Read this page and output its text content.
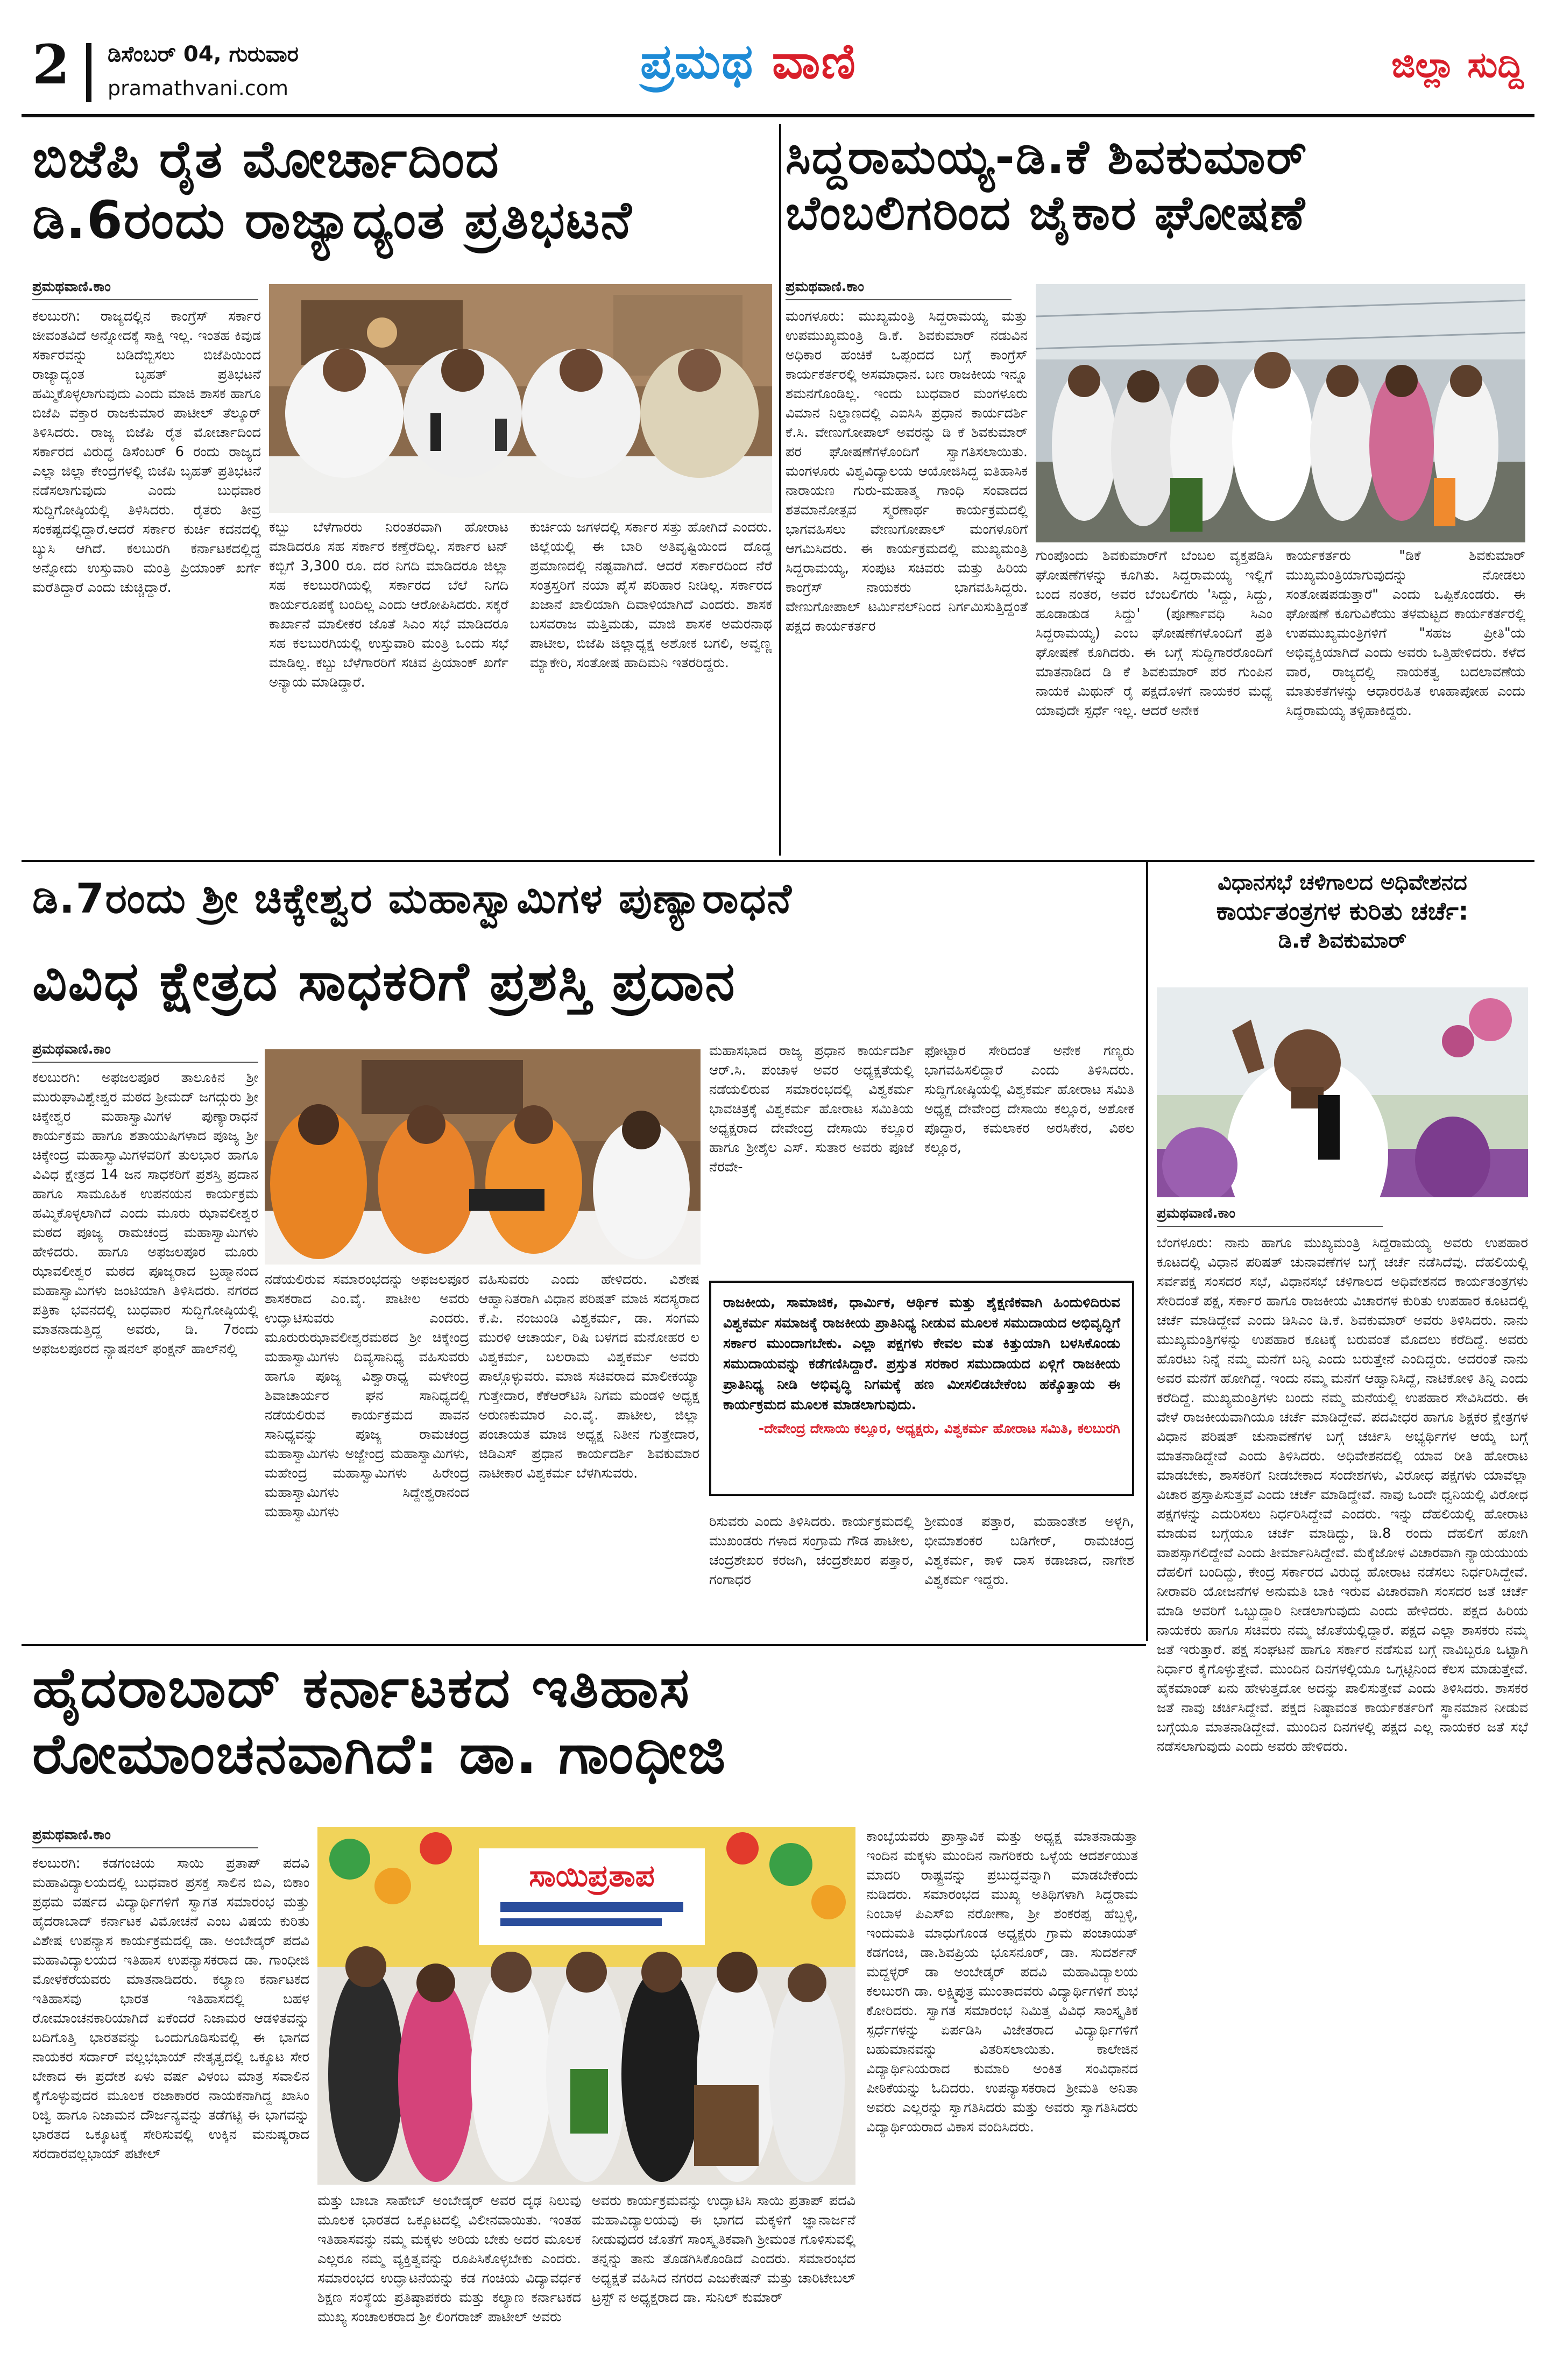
2 ಡಿಸೆಂಬರ್ 04, ಗುರುವಾರ
pramathvani.com	ಪ್ರಮಥ ವಾಣಿ	ಜಿಲ್ಲಾ ಸುದ್ದಿ
ಬಿಜೆಪಿ ರೈತ ಮೋರ್ಚಾದಿಂದ
ಡಿ.6ರಂದು ರಾಜ್ಯಾದ್ಯಂತ ಪ್ರತಿಭಟನೆ
ಪ್ರಮಥವಾಣಿ.ಕಾಂ
ಕಲಬುರಗಿ: ರಾಜ್ಯದಲ್ಲಿನ ಕಾಂಗ್ರೆಸ್ ಸರ್ಕಾರ ಜೀವಂತವಿದೆ ಅನ್ನೋದಕ್ಕೆ ಸಾಕ್ಷಿ ಇಲ್ಲ. ಇಂತಹ ಕಿವುಡ ಸರ್ಕಾರವನ್ನು ಬಡಿದೆಬ್ಬಿಸಲು ಬಿಜೆಪಿಯಿಂದ ರಾಜ್ಯಾದ್ಯಂತ ಬೃಹತ್ ಪ್ರತಿಭಟನೆ ಹಮ್ಮಿಕೊಳ್ಳಲಾಗುವುದು ಎಂದು ಮಾಜಿ ಶಾಸಕ ಹಾಗೂ ಬಿಜೆಪಿ ವಕ್ತಾರ ರಾಜಕುಮಾರ ಪಾಟೀಲ್ ತೆಲ್ಕೂರ್ ತಿಳಿಸಿದರು. ರಾಜ್ಯ ಬಿಜೆಪಿ ರೈತ ಮೋರ್ಚಾದಿಂದ ಸರ್ಕಾರದ ವಿರುದ್ಧ ಡಿಸೆಂಬರ್ 6 ರಂದು ರಾಜ್ಯದ ಎಲ್ಲಾ ಜಿಲ್ಲಾ ಕೇಂದ್ರಗಳಲ್ಲಿ ಬಿಜೆಪಿ ಬೃಹತ್ ಪ್ರತಿಭಟನೆ ನಡೆಸಲಾಗುವುದು ಎಂದು ಬುಧವಾರ ಸುದ್ದಿಗೋಷ್ಠಿಯಲ್ಲಿ ತಿಳಿಸಿದರು. ರೈತರು ತೀವ್ರ ಸಂಕಷ್ಟದಲ್ಲಿದ್ದಾರೆ.ಆದರೆ ಸರ್ಕಾರ ಕುರ್ಚಿ ಕದನದಲ್ಲಿ ಬ್ಯುಸಿ ಆಗಿದೆ. ಕಲಬುರಗಿ ಕರ್ನಾಟಕದಲ್ಲಿದ್ದ ಅನ್ನೋದು ಉಸ್ತುವಾರಿ ಮಂತ್ರಿ ಪ್ರಿಯಾಂಕ್ ಖರ್ಗೆ ಮರೆತಿದ್ದಾರೆ ಎಂದು ಚುಚ್ಚಿದ್ದಾರೆ.
ಕಬ್ಬು ಬೆಳೆಗಾರರು ನಿರಂತರವಾಗಿ ಹೋರಾಟ ಮಾಡಿದರೂ ಸಹ ಸರ್ಕಾರ ಕಣ್ತೆರೆದಿಲ್ಲ. ಸರ್ಕಾರ ಟನ್ ಕಬ್ಬಿಗೆ 3,300 ರೂ. ದರ ನಿಗದಿ ಮಾಡಿದರೂ ಜಿಲ್ಲಾ ಸಹ ಕಲಬುರಗಿಯಲ್ಲಿ ಸರ್ಕಾರದ ಬೆಲೆ ನಿಗದಿ ಕಾರ್ಯರೂಪಕ್ಕೆ ಬಂದಿಲ್ಲ ಎಂದು ಆರೋಪಿಸಿದರು. ಸಕ್ಕರೆ ಕಾರ್ಖಾನೆ ಮಾಲೀಕರ ಜೊತೆ ಸಿಎಂ ಸಭೆ ಮಾಡಿದರೂ ಸಹ ಕಲಬುರಗಿಯಲ್ಲಿ ಉಸ್ತುವಾರಿ ಮಂತ್ರಿ ಒಂದು ಸಭೆ ಮಾಡಿಲ್ಲ. ಕಬ್ಬು ಬೆಳೆಗಾರರಿಗೆ ಸಚಿವ ಪ್ರಿಯಾಂಕ್ ಖರ್ಗೆ ಅನ್ಯಾಯ ಮಾಡಿದ್ದಾರೆ.
ಕುರ್ಚಿಯ ಜಗಳದಲ್ಲಿ ಸರ್ಕಾರ ಸತ್ತು ಹೋಗಿದೆ ಎಂದರು. ಜಿಲ್ಲೆಯಲ್ಲಿ ಈ ಬಾರಿ ಅತಿವೃಷ್ಟಿಯಿಂದ ದೊಡ್ಡ ಪ್ರಮಾಣದಲ್ಲಿ ನಷ್ಟವಾಗಿದೆ. ಆದರೆ ಸರ್ಕಾರದಿಂದ ನೆರೆ ಸಂತ್ರಸ್ತರಿಗೆ ನಯಾ ಪೈಸೆ ಪರಿಹಾರ ನೀಡಿಲ್ಲ. ಸರ್ಕಾರದ ಖಜಾನೆ ಖಾಲಿಯಾಗಿ ದಿವಾಳಿಯಾಗಿದೆ ಎಂದರು. ಶಾಸಕ ಬಸವರಾಜ ಮತ್ತಿಮಡು, ಮಾಜಿ ಶಾಸಕ ಅಮರನಾಥ ಪಾಟೀಲ, ಬಿಜೆಪಿ ಜಿಲ್ಲಾಧ್ಯಕ್ಷ ಅಶೋಕ ಬಗಲಿ, ಅವ್ವಣ್ಣ ಮ್ಯಾಕೇರಿ, ಸಂತೋಷ ಹಾದಿಮನಿ ಇತರರಿದ್ದರು.
ಸಿದ್ದರಾಮಯ್ಯ-ಡಿ.ಕೆ ಶಿವಕುಮಾರ್
ಬೆಂಬಲಿಗರಿಂದ ಜೈಕಾರ ಘೋಷಣೆ
ಪ್ರಮಥವಾಣಿ.ಕಾಂ
ಮಂಗಳೂರು: ಮುಖ್ಯಮಂತ್ರಿ ಸಿದ್ದರಾಮಯ್ಯ ಮತ್ತು ಉಪಮುಖ್ಯಮಂತ್ರಿ ಡಿ.ಕೆ. ಶಿವಕುಮಾರ್ ನಡುವಿನ ಅಧಿಕಾರ ಹಂಚಿಕೆ ಒಪ್ಪಂದದ ಬಗ್ಗೆ ಕಾಂಗ್ರೆಸ್ ಕಾರ್ಯಕರ್ತರಲ್ಲಿ ಅಸಮಾಧಾನ. ಬಣ ರಾಜಕೀಯ ಇನ್ನೂ ಶಮನಗೊಂಡಿಲ್ಲ. ಇಂದು ಬುಧವಾರ ಮಂಗಳೂರು ವಿಮಾನ ನಿಲ್ದಾಣದಲ್ಲಿ ಎಐಸಿಸಿ ಪ್ರಧಾನ ಕಾರ್ಯದರ್ಶಿ ಕೆ.ಸಿ. ವೇಣುಗೋಪಾಲ್ ಅವರನ್ನು ಡಿ ಕೆ ಶಿವಕುಮಾರ್ ಪರ ಘೋಷಣೆಗಳೊಂದಿಗೆ ಸ್ವಾಗತಿಸಲಾಯಿತು. ಮಂಗಳೂರು ವಿಶ್ವವಿದ್ಯಾಲಯ ಆಯೋಜಿಸಿದ್ದ ಐತಿಹಾಸಿಕ ನಾರಾಯಣ ಗುರು-ಮಹಾತ್ಮ ಗಾಂಧಿ ಸಂವಾದದ ಶತಮಾನೋತ್ಸವ ಸ್ಮರಣಾರ್ಥ ಕಾರ್ಯಕ್ರಮದಲ್ಲಿ ಭಾಗವಹಿಸಲು ವೇಣುಗೋಪಾಲ್ ಮಂಗಳೂರಿಗೆ ಆಗಮಿಸಿದರು. ಈ ಕಾರ್ಯಕ್ರಮದಲ್ಲಿ ಮುಖ್ಯಮಂತ್ರಿ ಸಿದ್ದರಾಮಯ್ಯ, ಸಂಪುಟ ಸಚಿವರು ಮತ್ತು ಹಿರಿಯ ಕಾಂಗ್ರೆಸ್ ನಾಯಕರು ಭಾಗವಹಿಸಿದ್ದರು. ವೇಣುಗೋಪಾಲ್ ಟರ್ಮಿನಲ್‌ನಿಂದ ನಿರ್ಗಮಿಸುತ್ತಿದ್ದಂತೆ ಪಕ್ಷದ ಕಾರ್ಯಕರ್ತರ
ಗುಂಪೊಂದು ಶಿವಕುಮಾರ್‌ಗೆ ಬೆಂಬಲ ವ್ಯಕ್ತಪಡಿಸಿ ಘೋಷಣೆಗಳನ್ನು ಕೂಗಿತು. ಸಿದ್ದರಾಮಯ್ಯ ಇಲ್ಲಿಗೆ ಬಂದ ನಂತರ, ಅವರ ಬೆಂಬಲಿಗರು 'ಸಿದ್ದು, ಸಿದ್ದು, ಹೂಡಾಡುಡ ಸಿದ್ದು' (ಪೂರ್ಣಾವಧಿ ಸಿಎಂ ಸಿದ್ದರಾಮಯ್ಯ) ಎಂಬ ಘೋಷಣೆಗಳೊಂದಿಗೆ ಪ್ರತಿ ಘೋಷಣೆ ಕೂಗಿದರು. ಈ ಬಗ್ಗೆ ಸುದ್ದಿಗಾರರೊಂದಿಗೆ ಮಾತನಾಡಿದ ಡಿ ಕೆ ಶಿವಕುಮಾರ್ ಪರ ಗುಂಪಿನ ನಾಯಕ ಮಿಥುನ್ ರೈ ಪಕ್ಷದೊಳಗೆ ನಾಯಕರ ಮಧ್ಯೆ ಯಾವುದೇ ಸ್ಪರ್ಧೆ ಇಲ್ಲ. ಆದರೆ ಅನೇಕ
ಕಾರ್ಯಕರ್ತರು "ಡಿಕೆ ಶಿವಕುಮಾರ್ ಮುಖ್ಯಮಂತ್ರಿಯಾಗುವುದನ್ನು ನೋಡಲು ಸಂತೋಷಪಡುತ್ತಾರೆ" ಎಂದು ಒಪ್ಪಿಕೊಂಡರು. ಈ ಘೋಷಣೆ ಕೂಗುವಿಕೆಯು ತಳಮಟ್ಟದ ಕಾರ್ಯಕರ್ತರಲ್ಲಿ ಉಪಮುಖ್ಯಮಂತ್ರಿಗಳಿಗೆ "ಸಹಜ ಪ್ರೀತಿ"ಯ ಅಭಿವ್ಯಕ್ತಿಯಾಗಿದೆ ಎಂದು ಅವರು ಒತ್ತಿಹೇಳಿದರು. ಕಳೆದ ವಾರ, ರಾಜ್ಯದಲ್ಲಿ ನಾಯಕತ್ವ ಬದಲಾವಣೆಯ ಮಾತುಕತೆಗಳನ್ನು ಆಧಾರರಹಿತ ಊಹಾಪೋಹ ಎಂದು ಸಿದ್ದರಾಮಯ್ಯ ತಳ್ಳಿಹಾಕಿದ್ದರು.
ಡಿ.7ರಂದು ಶ್ರೀ ಚಿಕ್ಕೇಶ್ವರ ಮಹಾಸ್ವಾಮಿಗಳ ಪುಣ್ಯಾರಾಧನೆ
ವಿವಿಧ ಕ್ಷೇತ್ರದ ಸಾಧಕರಿಗೆ ಪ್ರಶಸ್ತಿ ಪ್ರದಾನ
ಪ್ರಮಥವಾಣಿ.ಕಾಂ
ಕಲಬುರಗಿ: ಅಫಜಲಪೂರ ತಾಲೂಕಿನ ಶ್ರೀ ಮುರುಘಾವಿಶ್ವೇಶ್ವರ ಮಠದ ಶ್ರೀಮದ್ ಜಗದ್ಗುರು ಶ್ರೀ ಚಿಕ್ಕೇಶ್ವರ ಮಹಾಸ್ವಾಮಿಗಳ ಪುಣ್ಯಾರಾಧನೆ ಕಾರ್ಯಕ್ರಮ ಹಾಗೂ ಶತಾಯುಷಿಗಳಾದ ಪೂಜ್ಯ ಶ್ರೀ ಚಿಕ್ಕೇಂದ್ರ ಮಹಾಸ್ವಾಮಿಗಳವರಿಗೆ ತುಲಭಾರ ಹಾಗೂ ವಿವಿಧ ಕ್ಷೇತ್ರದ 14 ಜನ ಸಾಧಕರಿಗೆ ಪ್ರಶಸ್ತಿ ಪ್ರದಾನ ಹಾಗೂ ಸಾಮೂಹಿಕ ಉಪನಯನ ಕಾರ್ಯಕ್ರಮ ಹಮ್ಮಿಕೊಳ್ಳಲಾಗಿದೆ ಎಂದು ಮೂರು ಝಾವಲೀಶ್ವರ ಮಠದ ಪೂಜ್ಯ ರಾಮಚಂದ್ರ ಮಹಾಸ್ವಾಮಿಗಳು ಹೇಳಿದರು. ಹಾಗೂ ಅಫಜಲಪೂರ ಮೂರು ಝಾವಲೀಶ್ವರ ಮಠದ ಪೂಜ್ಯರಾದ ಬ್ರಹ್ಮಾನಂದ ಮಹಾಸ್ವಾಮಿಗಳು ಜಂಟಿಯಾಗಿ ತಿಳಿಸಿದರು. ನಗರದ ಪತ್ರಿಕಾ ಭವನದಲ್ಲಿ ಬುಧವಾರ ಸುದ್ದಿಗೋಷ್ಠಿಯಲ್ಲಿ ಮಾತನಾಡುತ್ತಿದ್ದ ಅವರು, ಡಿ. 7ರಂದು ಅಫಜಲಪೂರದ ನ್ಯಾಷನಲ್ ಫಂಕ್ಷನ್ ಹಾಲ್‌ನಲ್ಲಿ
ನಡೆಯಲಿರುವ ಸಮಾರಂಭದನ್ನು ಅಫಜಲಪೂರ ಶಾಸಕರಾದ ಎಂ.ವೈ. ಪಾಟೀಲ ಅವರು ಉದ್ಘಾಟಿಸುವರು ಎಂದರು. ಮೂರುರುಝಾವಲೀಶ್ವರಮಠದ ಶ್ರೀ ಚಿಕ್ಕೇಂದ್ರ ಮಹಾಸ್ವಾಮಿಗಳು ದಿವ್ಯಸಾನಿಧ್ಯ ವಹಿಸುವರು ಹಾಗೂ ಪೂಜ್ಯ ವಿಶ್ವಾರಾಧ್ಯ ಮಳೇಂದ್ರ ಶಿವಾಚಾರ್ಯರ ಘನ ಸಾನಿಧ್ಯದಲ್ಲಿ ನಡೆಯಲಿರುವ ಕಾರ್ಯಕ್ರಮದ ಪಾವನ ಸಾನಿಧ್ಯವನ್ನು ಪೂಜ್ಯ ರಾಮಚಂದ್ರ ಮಹಾಸ್ವಾಮಿಗಳು ಅಜ್ಜೇಂದ್ರ ಮಹಾಸ್ವಾಮಿಗಳು, ಮಹೇಂದ್ರ ಮಹಾಸ್ವಾಮಿಗಳು ಹಿರೇಂದ್ರ ಮಹಾಸ್ವಾಮಿಗಳು ಸಿದ್ದೇಶ್ವರಾನಂದ ಮಹಾಸ್ವಾಮಿಗಳು
ವಹಿಸುವರು ಎಂದು ಹೇಳಿದರು. ವಿಶೇಷ ಆಹ್ವಾನಿತರಾಗಿ ವಿಧಾನ ಪರಿಷತ್ ಮಾಜಿ ಸದಸ್ಯರಾದ ಕೆ.ಪಿ. ನಂಜುಂಡಿ ವಿಶ್ವಕರ್ಮ, ಡಾ. ಸಂಗಮ ಮುರಳಿ ಆಚಾರ್ಯ, ರಿಷಿ ಬಳಗದ ಮನೋಹರ ಲ ವಿಶ್ವಕರ್ಮ, ಬಲರಾಮ ವಿಶ್ವಕರ್ಮ ಅವರು ಪಾಲ್ಗೊಳ್ಳುವರು. ಮಾಜಿ ಸಚಿವರಾದ ಮಾಲೀಕಯ್ಯಾ ಗುತ್ತೇದಾರ, ಕೆಕೆಆರ್‌ಟಿಸಿ ನಿಗಮ ಮಂಡಳಿ ಅಧ್ಯಕ್ಷ ಅರುಣಕುಮಾರ ಎಂ.ವೈ. ಪಾಟೀಲ, ಜಿಲ್ಲಾ ಪಂಚಾಯತ ಮಾಜಿ ಅಧ್ಯಕ್ಷ ನಿತೀನ ಗುತ್ತೇದಾರ, ಜಿಡಿಎಸ್ ಪ್ರಧಾನ ಕಾರ್ಯದರ್ಶಿ ಶಿವಕುಮಾರ ನಾಟೀಕಾರ ವಿಶ್ವಕರ್ಮ ಬೆಳಗಿಸುವರು.
ಮಹಾಸಭಾದ ರಾಜ್ಯ ಪ್ರಧಾನ ಕಾರ್ಯದರ್ಶಿ ಆರ್.ಸಿ. ಪಂಚಾಳ ಅವರ ಅಧ್ಯಕ್ಷತೆಯಲ್ಲಿ ನಡೆಯಲಿರುವ ಸಮಾರಂಭದಲ್ಲಿ ವಿಶ್ವಕರ್ಮ ಭಾವಚಿತ್ರಕ್ಕೆ ವಿಶ್ವಕರ್ಮ ಹೋರಾಟ ಸಮಿತಿಯ ಅಧ್ಯಕ್ಷರಾದ ದೇವೇಂದ್ರ ದೇಸಾಯಿ ಕಲ್ಲೂರ ಹಾಗೂ ಶ್ರೀಶೈಲ ಎಸ್. ಸುತಾರ ಅವರು ಪೂಜೆ ನೆರವೇ-
ಫೋಟ್ಟಾರ ಸೇರಿದಂತೆ ಅನೇಕ ಗಣ್ಯರು ಭಾಗವಹಿಸಲಿದ್ದಾರೆ ಎಂದು ತಿಳಿಸಿದರು. ಸುದ್ದಿಗೋಷ್ಠಿಯಲ್ಲಿ ವಿಶ್ವಕರ್ಮ ಹೋರಾಟ ಸಮಿತಿ ಅಧ್ಯಕ್ಷ ದೇವೇಂದ್ರ ದೇಸಾಯಿ ಕಲ್ಲೂರ, ಅಶೋಕ ಪೊದ್ದಾರ, ಕಮಲಾಕರ ಅರಸಿಕೇರ, ವಿಠಲ ಕಲ್ಲೂರ,
ರಾಜಕೀಯ, ಸಾಮಾಜಿಕ, ಧಾರ್ಮಿಕ, ಆರ್ಥಿಕ ಮತ್ತು ಶೈಕ್ಷಣಿಕವಾಗಿ ಹಿಂದುಳಿದಿರುವ ವಿಶ್ವಕರ್ಮ ಸಮಾಜಕ್ಕೆ ರಾಜಕೀಯ ಪ್ರಾತಿನಿಧ್ಯ ನೀಡುವ ಮೂಲಕ ಸಮುದಾಯದ ಅಭಿವೃದ್ಧಿಗೆ ಸರ್ಕಾರ ಮುಂದಾಗಬೇಕು. ಎಲ್ಲಾ ಪಕ್ಷಗಳು ಕೇವಲ ಮತ ಕಿತ್ತುಯಾಗಿ ಬಳಸಿಕೊಂಡು ಸಮುದಾಯವನ್ನು ಕಡೆಗಣಿಸಿದ್ದಾರೆ. ಪ್ರಸ್ತುತ ಸರಕಾರ ಸಮುದಾಯದ ಏಳ್ಗಿಗೆ ರಾಜಕೀಯ ಪ್ರಾತಿನಿಧ್ಯ ನೀಡಿ ಅಭಿವೃದ್ಧಿ ನಿಗಮಕ್ಕೆ ಹಣ ಮೀಸಲಿಡಬೇಕೆಂಬ ಹಕ್ಕೊತ್ತಾಯ ಈ ಕಾರ್ಯಕ್ರಮದ ಮೂಲಕ ಮಾಡಲಾಗುವುದು.
-ದೇವೇಂದ್ರ ದೇಸಾಯಿ ಕಲ್ಲೂರ, ಅಧ್ಯಕ್ಷರು, ವಿಶ್ವಕರ್ಮ ಹೋರಾಟ ಸಮಿತಿ, ಕಲಬುರಗಿ
ರಿಸುವರು ಎಂದು ತಿಳಿಸಿದರು. ಕಾರ್ಯಕ್ರಮದಲ್ಲಿ ಮುಖಂಡರು ಗಳಾದ ಸಂಗ್ರಾಮ ಗೌಡ ಪಾಟೀಲ, ಚಂದ್ರಶೇಖರ ಕರಜಗಿ, ಚಂದ್ರಶೇಖರ ಪತ್ತಾರ, ಗಂಗಾಧರ
ಶ್ರೀಮಂತ ಪತ್ತಾರ, ಮಹಾಂತೇಶ ಅಳ್ಳಗಿ, ಭೀಮಾಶಂಕರ ಬಡಿಗೇರ್, ರಾಮಚಂದ್ರ ವಿಶ್ವಕರ್ಮ, ಕಾಳಿ ದಾಸ ಕಡಾಜಾದ, ನಾಗೇಶ ವಿಶ್ವಕರ್ಮ ಇದ್ದರು.
ವಿಧಾನಸಭೆ ಚಳಿಗಾಲದ ಅಧಿವೇಶನದ
ಕಾರ್ಯತಂತ್ರಗಳ ಕುರಿತು ಚರ್ಚೆ:
ಡಿ.ಕೆ ಶಿವಕುಮಾರ್
ಪ್ರಮಥವಾಣಿ.ಕಾಂ
ಬೆಂಗಳೂರು: ನಾನು ಹಾಗೂ ಮುಖ್ಯಮಂತ್ರಿ ಸಿದ್ದರಾಮಯ್ಯ ಅವರು ಉಪಹಾರ ಕೂಟದಲ್ಲಿ ವಿಧಾನ ಪರಿಷತ್ ಚುನಾವಣೆಗಳ ಬಗ್ಗೆ ಚರ್ಚೆ ನಡೆಸಿದೆವು. ದೆಹಲಿಯಲ್ಲಿ ಸರ್ವಪಕ್ಷ ಸಂಸದರ ಸಭೆ, ವಿಧಾನಸಭೆ ಚಳಿಗಾಲದ ಅಧಿವೇಶನದ ಕಾರ್ಯತಂತ್ರಗಳು ಸೇರಿದಂತೆ ಪಕ್ಷ, ಸರ್ಕಾರ ಹಾಗೂ ರಾಜಕೀಯ ವಿಚಾರಗಳ ಕುರಿತು ಉಪಹಾರ ಕೂಟದಲ್ಲಿ ಚರ್ಚೆ ಮಾಡಿದ್ದೇವೆ ಎಂದು ಡಿಸಿಎಂ ಡಿ.ಕೆ. ಶಿವಕುಮಾರ್ ಅವರು ತಿಳಿಸಿದರು. ನಾನು ಮುಖ್ಯಮಂತ್ರಿಗಳನ್ನು ಉಪಹಾರ ಕೂಟಕ್ಕೆ ಬರುವಂತೆ ಮೊದಲು ಕರೆದಿದ್ದೆ. ಅವರು ಹೊರಟು ನಿನ್ನೆ ನಮ್ಮ ಮನೆಗೆ ಬನ್ನಿ ಎಂದು ಬರುತ್ತೇನೆ ಎಂದಿದ್ದರು. ಅದರಂತೆ ನಾನು ಅವರ ಮನೆಗೆ ಹೋಗಿದ್ದೆ. ಇಂದು ನಮ್ಮ ಮನೆಗೆ ಆಹ್ವಾನಿಸಿದ್ದೆ, ನಾಟಿಕೋಳಿ ತಿನ್ನಿ ಎಂದು ಕರೆದಿದ್ದೆ. ಮುಖ್ಯಮಂತ್ರಿಗಳು ಬಂದು ನಮ್ಮ ಮನೆಯಲ್ಲಿ ಉಪಹಾರ ಸೇವಿಸಿದರು. ಈ ವೇಳೆ ರಾಜಕೀಯವಾಗಿಯೂ ಚರ್ಚೆ ಮಾಡಿದ್ದೇವೆ. ಪದವೀಧರ ಹಾಗೂ ಶಿಕ್ಷಕರ ಕ್ಷೇತ್ರಗಳ ವಿಧಾನ ಪರಿಷತ್ ಚುನಾವಣೆಗಳ ಬಗ್ಗೆ ಚರ್ಚಿಸಿ ಅಭ್ಯರ್ಥಿಗಳ ಆಯ್ಕೆ ಬಗ್ಗೆ ಮಾತನಾಡಿದ್ದೇವೆ ಎಂದು ತಿಳಿಸಿದರು. ಅಧಿವೇಶನದಲ್ಲಿ ಯಾವ ರೀತಿ ಹೋರಾಟ ಮಾಡಬೇಕು, ಶಾಸಕರಿಗೆ ನೀಡಬೇಕಾದ ಸಂದೇಶಗಳು, ವಿರೋಧ ಪಕ್ಷಗಳು ಯಾವೆಲ್ಲಾ ವಿಚಾರ ಪ್ರಸ್ತಾಪಿಸುತ್ತವೆ ಎಂದು ಚರ್ಚೆ ಮಾಡಿದ್ದೇವೆ. ನಾವು ಒಂದೇ ಧ್ವನಿಯಲ್ಲಿ ವಿರೋಧ ಪಕ್ಷಗಳನ್ನು ಎದುರಿಸಲು ನಿರ್ಧರಿಸಿದ್ದೇವೆ ಎಂದರು. ಇನ್ನು ದೆಹಲಿಯಲ್ಲಿ ಹೋರಾಟ ಮಾಡುವ ಬಗ್ಗೆಯೂ ಚರ್ಚೆ ಮಾಡಿದ್ದು, ಡಿ.8 ರಂದು ದೆಹಲಿಗೆ ಹೋಗಿ ವಾಪಸ್ಸಾಗಲಿದ್ದೇವೆ ಎಂದು ತೀರ್ಮಾನಿಸಿದ್ದೇವೆ. ಮೆಕ್ಕೆಜೋಳ ವಿಚಾರವಾಗಿ ನ್ಯಾಯಯುಯ ದೆಹಲಿಗೆ ಬಂದಿದ್ದು, ಕೇಂದ್ರ ಸರ್ಕಾರದ ವಿರುದ್ಧ ಹೋರಾಟ ನಡೆಸಲು ನಿರ್ಧರಿಸಿದ್ದೇವೆ. ನೀರಾವರಿ ಯೋಜನೆಗಳ ಅನುಮತಿ ಬಾಕಿ ಇರುವ ವಿಚಾರವಾಗಿ ಸಂಸದರ ಜತೆ ಚರ್ಚೆ ಮಾಡಿ ಅವರಿಗೆ ಒಬ್ಬುದ್ದಾರಿ ನೀಡಲಾಗುವುದು ಎಂದು ಹೇಳಿದರು. ಪಕ್ಷದ ಹಿರಿಯ ನಾಯಕರು ಹಾಗೂ ಸಚಿವರು ನಮ್ಮ ಜೊತೆಯಲ್ಲಿದ್ದಾರೆ. ಪಕ್ಷದ ಎಲ್ಲಾ ಶಾಸಕರು ನಮ್ಮ ಜತೆ ಇರುತ್ತಾರೆ. ಪಕ್ಷ ಸಂಘಟನೆ ಹಾಗೂ ಸರ್ಕಾರ ನಡೆಸುವ ಬಗ್ಗೆ ನಾವಿಬ್ಬರೂ ಒಟ್ಟಾಗಿ ನಿರ್ಧಾರ ಕೈಗೊಳ್ಳುತ್ತೇವೆ. ಮುಂದಿನ ದಿನಗಳಲ್ಲಿಯೂ ಒಗ್ಗಟ್ಟಿನಿಂದ ಕೆಲಸ ಮಾಡುತ್ತೇವೆ. ಹೈಕಮಾಂಡ್ ಏನು ಹೇಳುತ್ತದೋ ಅದನ್ನು ಪಾಲಿಸುತ್ತೇವೆ ಎಂದು ತಿಳಿಸಿದರು. ಶಾಸಕರ ಜತೆ ನಾವು ಚರ್ಚಿಸಿದ್ದೇವೆ. ಪಕ್ಷದ ನಿಷ್ಠಾವಂತ ಕಾರ್ಯಕರ್ತರಿಗೆ ಸ್ಥಾನಮಾನ ನೀಡುವ ಬಗ್ಗೆಯೂ ಮಾತನಾಡಿದ್ದೇವೆ. ಮುಂದಿನ ದಿನಗಳಲ್ಲಿ ಪಕ್ಷದ ಎಲ್ಲ ನಾಯಕರ ಜತೆ ಸಭೆ ನಡೆಸಲಾಗುವುದು ಎಂದು ಅವರು ಹೇಳಿದರು.
ಹೈದರಾಬಾದ್ ಕರ್ನಾಟಕದ ಇತಿಹಾಸ
ರೋಮಾಂಚನವಾಗಿದೆ: ಡಾ. ಗಾಂಧೀಜಿ
ಪ್ರಮಥವಾಣಿ.ಕಾಂ
ಕಲಬುರಗಿ: ಕಡಗಂಚಿಯ ಸಾಯಿ ಪ್ರತಾಪ್ ಪದವಿ ಮಹಾವಿದ್ಯಾಲಯದಲ್ಲಿ ಬುಧವಾರ ಪ್ರಸಕ್ತ ಸಾಲಿನ ಬಿಎ, ಬಿಕಾಂ ಪ್ರಥಮ ವರ್ಷದ ವಿದ್ಯಾರ್ಥಿಗಳಿಗೆ ಸ್ವಾಗತ ಸಮಾರಂಭ ಮತ್ತು ಹೈದರಾಬಾದ್ ಕರ್ನಾಟಕ ವಿಮೋಚನೆ ಎಂಬ ವಿಷಯ ಕುರಿತು ವಿಶೇಷ ಉಪನ್ಯಾಸ ಕಾರ್ಯಕ್ರಮದಲ್ಲಿ ಡಾ. ಅಂಬೇಡ್ಕರ್ ಪದವಿ ಮಹಾವಿದ್ಯಾಲಯದ ಇತಿಹಾಸ ಉಪನ್ಯಾಸಕರಾದ ಡಾ. ಗಾಂಧೀಜಿ ಮೋಳಕೆರೆಯವರು ಮಾತನಾಡಿದರು. ಕಲ್ಯಾಣ ಕರ್ನಾಟಕದ ಇತಿಹಾಸವು ಭಾರತ ಇತಿಹಾಸದಲ್ಲಿ ಬಹಳ ರೋಮಾಂಚನಕಾರಿಯಾಗಿದೆ ಏಕೆಂದರೆ ನಿಜಾಮರ ಆಡಳಿತವನ್ನು ಬದಿಗೊತ್ತಿ ಭಾರತವನ್ನು ಒಂದುಗೂಡಿಸುವಲ್ಲಿ ಈ ಭಾಗದ ನಾಯಕರ ಸರ್ದಾರ್ ವಲ್ಲಭಭಾಯ್ ನೇತೃತ್ವದಲ್ಲಿ ಒಕ್ಕೂಟ ಸೇರ ಬೇಕಾದ ಈ ಪ್ರದೇಶ ಏಳು ವರ್ಷ ವಿಳಂಬ ಮಾತ್ರ ಸವಾಲಿನ ಕೈಗೊಳ್ಳುವುದರ ಮೂಲಕ ರಜಾಕಾರರ ನಾಯಕನಾಗಿದ್ದ ಖಾಸಿಂ ರಿಜ್ವಿ ಹಾಗೂ ನಿಜಾಮನ ದೌರ್ಜನ್ಯವನ್ನು ತಡೆಗಟ್ಟಿ ಈ ಭಾಗವನ್ನು ಭಾರತದ ಒಕ್ಕೂಟಕ್ಕೆ ಸೇರಿಸುವಲ್ಲಿ ಉಕ್ಕಿನ ಮನುಷ್ಯರಾದ ಸರದಾರವಲ್ಲಭಾಯ್ ಪಟೇಲ್
ಸಾಯಿಪ್ರತಾಪ
ಮತ್ತು ಬಾಬಾ ಸಾಹೇಬ್ ಅಂಬೇಡ್ಕರ್ ಅವರ ದೃಢ ನಿಲುವು ಮೂಲಕ ಭಾರತದ ಒಕ್ಕೂಟದಲ್ಲಿ ವಿಲೀನವಾಯಿತು. ಇಂತಹ ಇತಿಹಾಸವನ್ನು ನಮ್ಮ ಮಕ್ಕಳು ಅರಿಯ ಬೇಕು ಅದರ ಮೂಲಕ ಎಲ್ಲರೂ ನಮ್ಮ ವ್ಯಕ್ತಿತ್ವವನ್ನು ರೂಪಿಸಿಕೊಳ್ಳಬೇಕು ಎಂದರು. ಸಮಾರಂಭದ ಉದ್ಘಾಟನೆಯನ್ನು ಕಡ ಗಂಚಿಯ ವಿದ್ಯಾವರ್ಧಕ ಶಿಕ್ಷಣ ಸಂಸ್ಥೆಯ ಪ್ರತಿಷ್ಠಾಪಕರು ಮತ್ತು ಕಲ್ಯಾಣ ಕರ್ನಾಟಕದ ಮುಖ್ಯ ಸಂಚಾಲಕರಾದ ಶ್ರೀ ಲಿಂಗರಾಜ್ ಪಾಟೀಲ್ ಅವರು
ಅವರು ಕಾರ್ಯಕ್ರಮವನ್ನು ಉದ್ಘಾಟಿಸಿ ಸಾಯಿ ಪ್ರತಾಪ್ ಪದವಿ ಮಹಾವಿದ್ಯಾಲಯವು ಈ ಭಾಗದ ಮಕ್ಕಳಿಗೆ ಜ್ಞಾನಾರ್ಜನೆ ನೀಡುವುದರ ಜೊತೆಗೆ ಸಾಂಸ್ಕೃತಿಕವಾಗಿ ಶ್ರೀಮಂತ ಗೊಳಿಸುವಲ್ಲಿ ತನ್ನನ್ನು ತಾನು ತೊಡಗಿಸಿಕೊಂಡಿದೆ ಎಂದರು. ಸಮಾರಂಭದ ಅಧ್ಯಕ್ಷತೆ ವಹಿಸಿದ ನಗರದ ಎಜುಕೇಷನ್ ಮತ್ತು ಚಾರಿಟೇಬಲ್ ಟ್ರಸ್ಟ್ ನ ಅಧ್ಯಕ್ಷರಾದ ಡಾ. ಸುನಿಲ್ ಕುಮಾರ್
ಕಾಂಬ್ಳೆಯವರು ಪ್ರಾಸ್ತಾವಿಕ ಮತ್ತು ಅಧ್ಯಕ್ಷ ಮಾತನಾಡುತ್ತಾ ಇಂದಿನ ಮಕ್ಕಳು ಮುಂದಿನ ನಾಗರಿಕರು ಒಳ್ಳೆಯ ಆದರ್ಶಯುತ ಮಾದರಿ ರಾಷ್ಟ್ರವನ್ನು ಪ್ರಬುದ್ಧವನ್ನಾಗಿ ಮಾಡಬೇಕೆಂದು ನುಡಿದರು. ಸಮಾರಂಭದ ಮುಖ್ಯ ಅತಿಥಿಗಳಾಗಿ ಸಿದ್ದರಾಮ ನಿಂಬಾಳ ಪಿಎಸ್‌ಐ ನರೋಣಾ, ಶ್ರೀ ಶಂಕರಪ್ಪ ಹೆಬ್ಬಳ್ಳಿ, ಇಂದುಮತಿ ಮಾಧುಗೊಂಡ ಅಧ್ಯಕ್ಷರು ಗ್ರಾಮ ಪಂಚಾಯತ್ ಕಡಗಂಚಿ, ಡಾ.ಶಿವಪ್ರಿಯ ಭೂಸನೂರ್, ಡಾ. ಸುದರ್ಶನ್ ಮದ್ದಳ್ಳರ್ ಡಾ ಅಂಬೇಡ್ಕರ್ ಪದವಿ ಮಹಾವಿದ್ಯಾಲಯ ಕಲಬುರಗಿ ಡಾ. ಲಕ್ಷ್ಮಿಪುತ್ರ ಮುಂತಾದವರು ವಿದ್ಯಾರ್ಥಿಗಳಿಗೆ ಶುಭ ಕೋರಿದರು. ಸ್ವಾಗತ ಸಮಾರಂಭ ನಿಮಿತ್ತ ವಿವಿಧ ಸಾಂಸ್ಕೃತಿಕ ಸ್ಪರ್ಧೆಗಳನ್ನು ಏರ್ಪಡಿಸಿ ವಿಜೇತರಾದ ವಿದ್ಯಾರ್ಥಿಗಳಿಗೆ ಬಹುಮಾನವನ್ನು ವಿತರಿಸಲಾಯಿತು. ಕಾಲೇಜಿನ ವಿದ್ಯಾರ್ಥಿನಿಯರಾದ ಕುಮಾರಿ ಅಂಕಿತ ಸಂವಿಧಾನದ ಪೀಠಿಕೆಯನ್ನು ಓದಿದರು. ಉಪನ್ಯಾಸಕರಾದ ಶ್ರೀಮತಿ ಅನಿತಾ ಅವರು ಎಲ್ಲರನ್ನು ಸ್ವಾಗತಿಸಿದರು ಮತ್ತು ಅವರು ಸ್ವಾಗತಿಸಿದರು ವಿದ್ಯಾರ್ಥಿಯರಾದ ವಿಕಾಸ ವಂದಿಸಿದರು.
